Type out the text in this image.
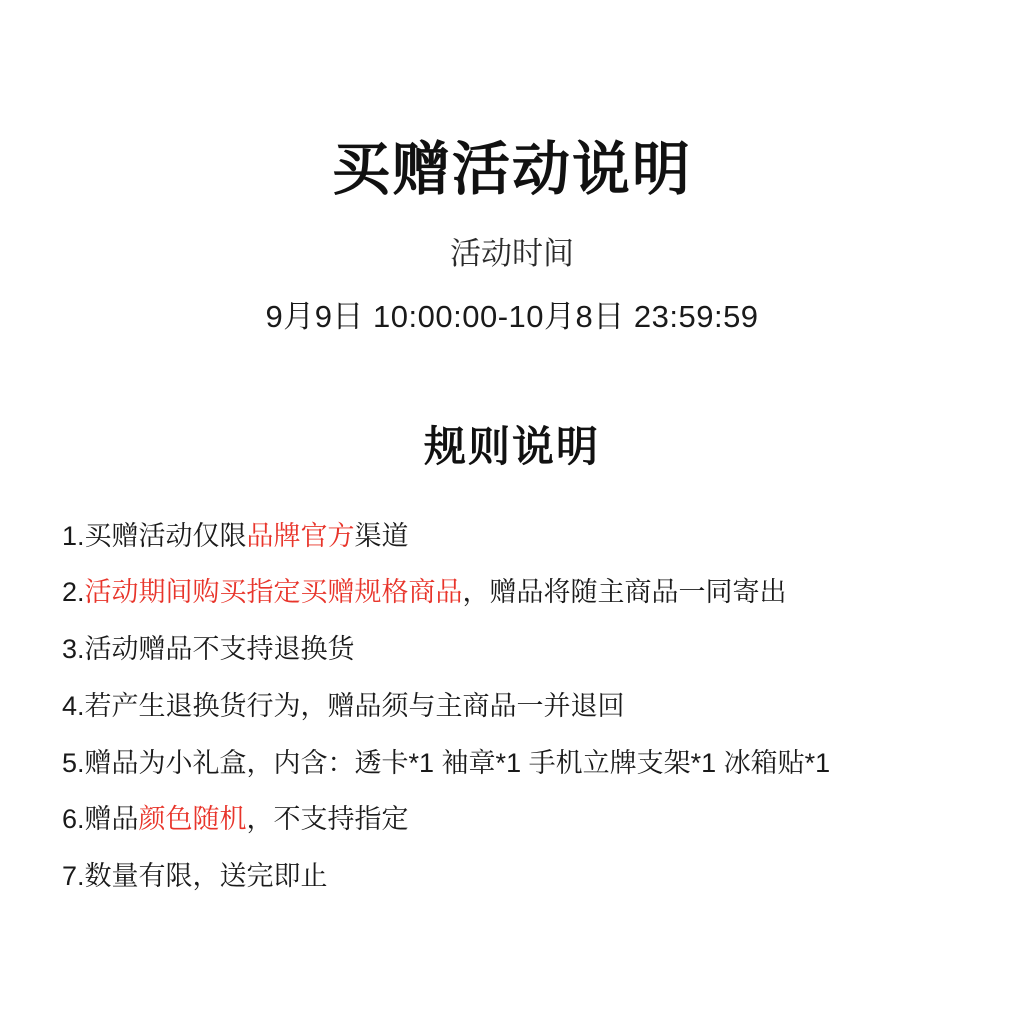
买赠活动说明
活动时间
9月9日 10:00:00-10月8日 23:59:59
规则说明
1.买赠活动仅限品牌官方渠道
2.活动期间购买指定买赠规格商品，赠品将随主商品一同寄出
3.活动赠品不支持退换货
4.若产生退换货行为，赠品须与主商品一并退回
5.赠品为小礼盒，内含：透卡*1 袖章*1 手机立牌支架*1 冰箱贴*1
6.赠品颜色随机，不支持指定
7.数量有限，送完即止
